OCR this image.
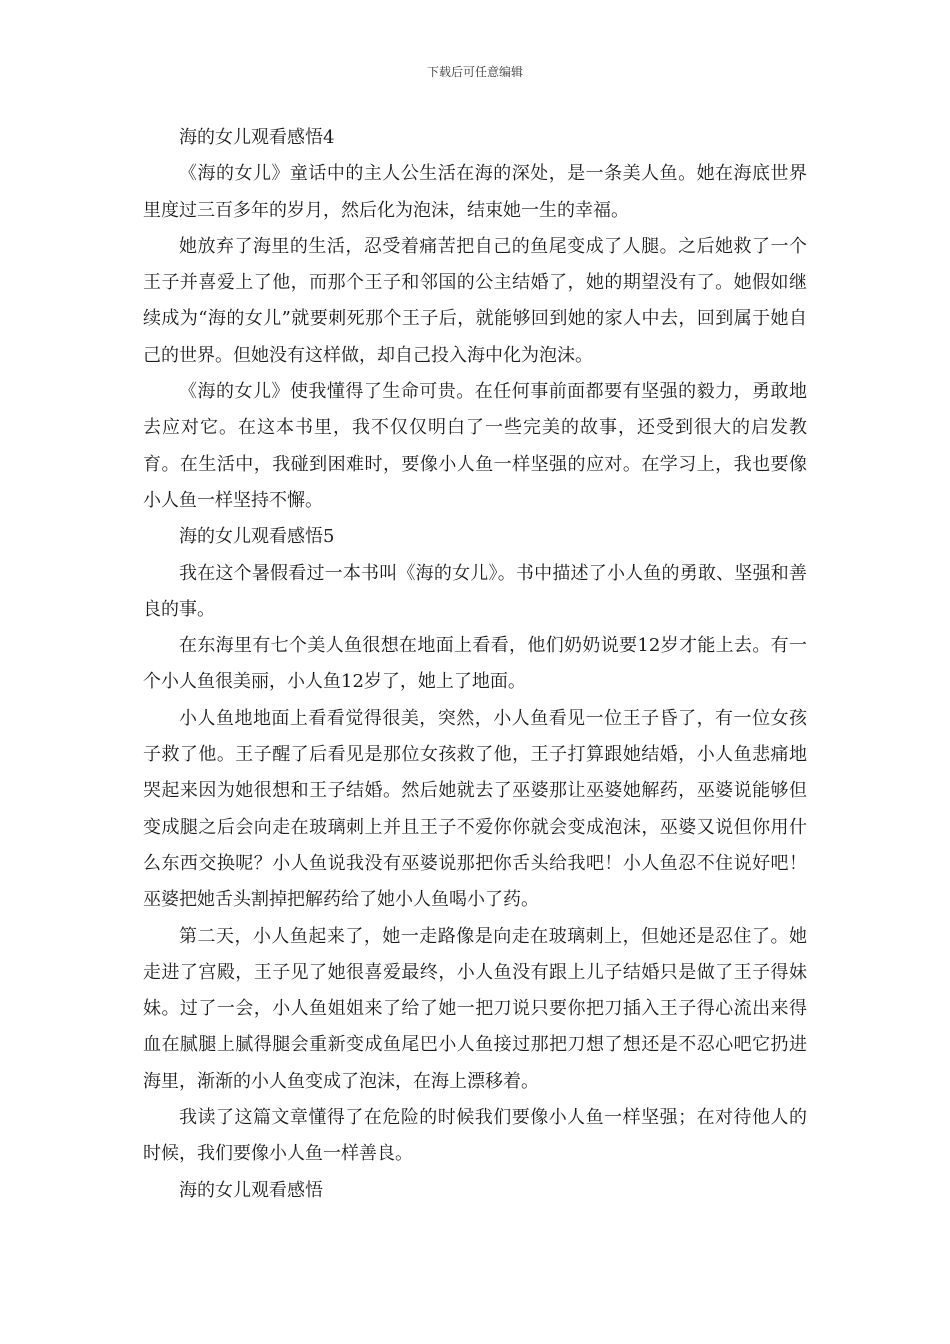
下载后可任意编辑

海的女儿观看感悟4

《海的女儿》童话中的主人公生活在海的深处，是一条美人鱼。她在海底世界里度过三百多年的岁月，然后化为泡沫，结束她一生的幸福。

她放弃了海里的生活，忍受着痛苦把自己的鱼尾变成了人腿。之后她救了一个王子并喜爱上了他，而那个王子和邻国的公主结婚了，她的期望没有了。她假如继续成为“海的女儿”就要刺死那个王子后，就能够回到她的家人中去，回到属于她自己的世界。但她没有这样做，却自己投入海中化为泡沫。

《海的女儿》使我懂得了生命可贵。在任何事前面都要有坚强的毅力，勇敢地去应对它。在这本书里，我不仅仅明白了一些完美的故事，还受到很大的启发教育。在生活中，我碰到困难时，要像小人鱼一样坚强的应对。在学习上，我也要像小人鱼一样坚持不懈。

海的女儿观看感悟5

我在这个暑假看过一本书叫《海的女儿》。书中描述了小人鱼的勇敢、坚强和善良的事。

在东海里有七个美人鱼很想在地面上看看，他们奶奶说要12岁才能上去。有一个小人鱼很美丽，小人鱼12岁了，她上了地面。

小人鱼地地面上看看觉得很美，突然，小人鱼看见一位王子昏了，有一位女孩子救了他。王子醒了后看见是那位女孩救了他，王子打算跟她结婚，小人鱼悲痛地哭起来因为她很想和王子结婚。然后她就去了巫婆那让巫婆她解药，巫婆说能够但变成腿之后会向走在玻璃刺上并且王子不爱你你就会变成泡沫，巫婆又说但你用什么东西交换呢？小人鱼说我没有巫婆说那把你舌头给我吧！小人鱼忍不住说好吧！巫婆把她舌头割掉把解药给了她小人鱼喝小了药。

第二天，小人鱼起来了，她一走路像是向走在玻璃刺上，但她还是忍住了。她走进了宫殿，王子见了她很喜爱最终，小人鱼没有跟上儿子结婚只是做了王子得妹妹。过了一会，小人鱼姐姐来了给了她一把刀说只要你把刀插入王子得心流出来得血在腻腿上腻得腿会重新变成鱼尾巴小人鱼接过那把刀想了想还是不忍心吧它扔进海里，渐渐的小人鱼变成了泡沫，在海上漂移着。

我读了这篇文章懂得了在危险的时候我们要像小人鱼一样坚强；在对待他人的时候，我们要像小人鱼一样善良。

海的女儿观看感悟
